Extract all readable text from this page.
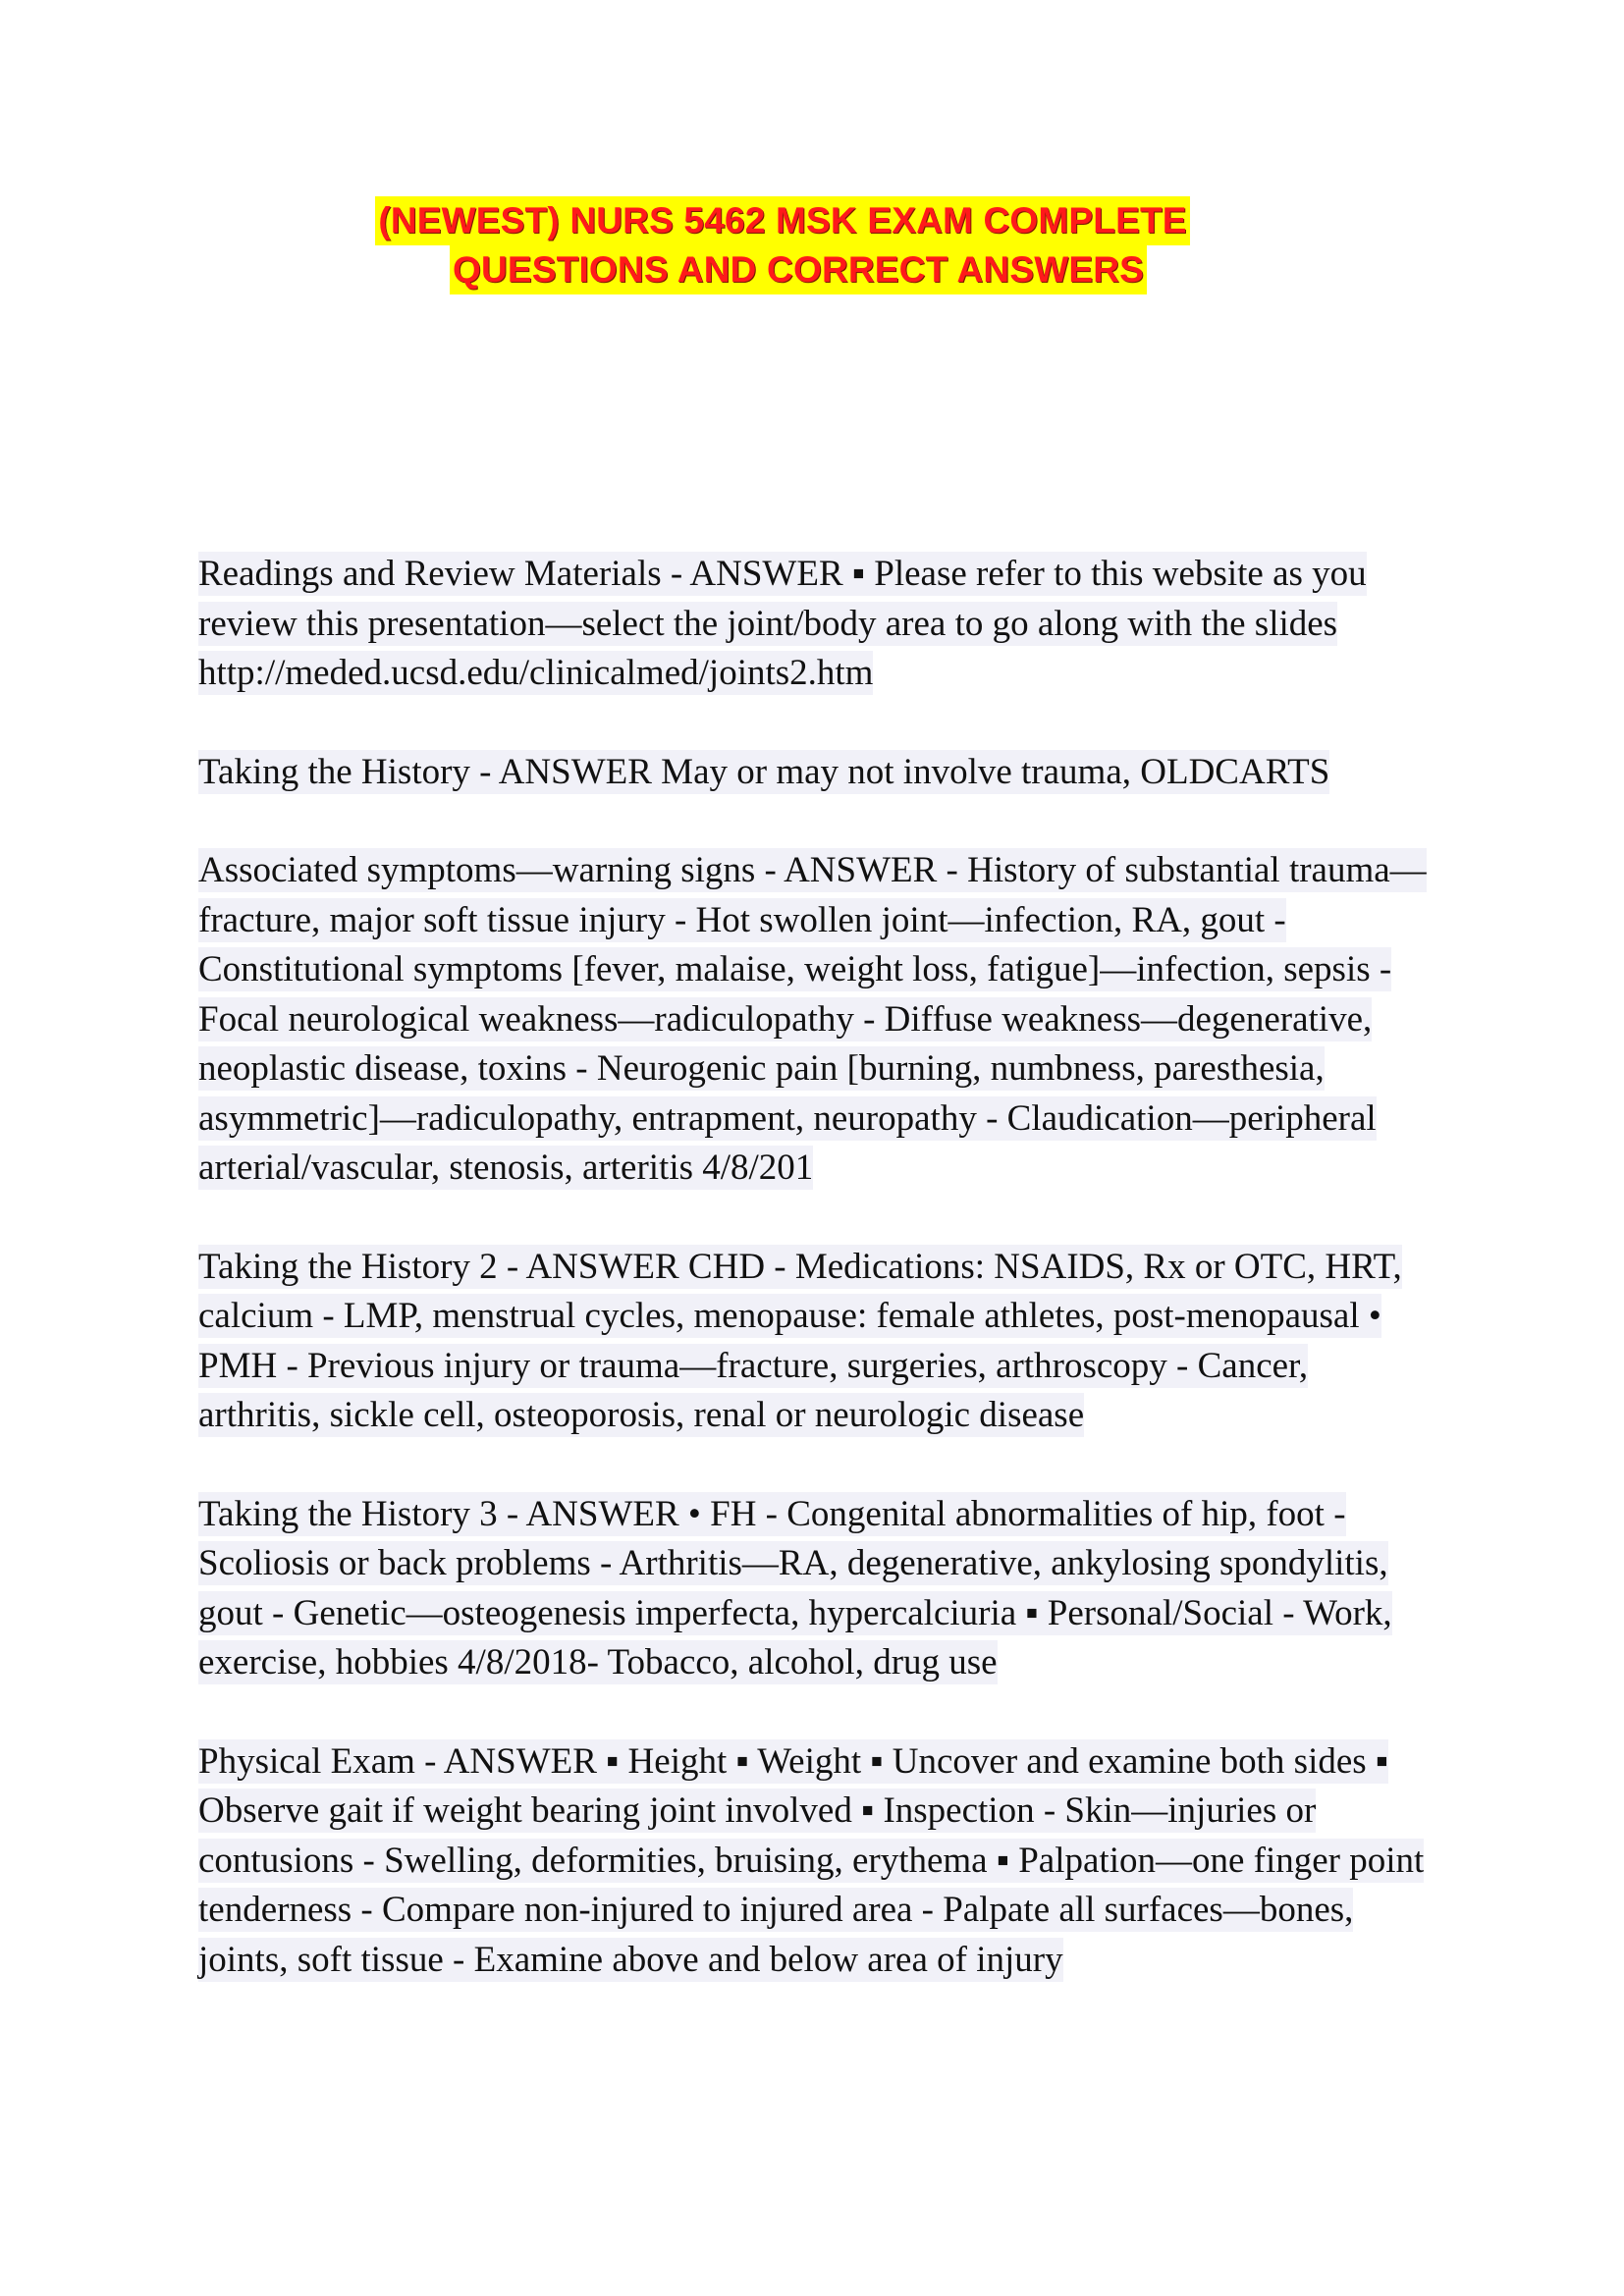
(NEWEST) NURS 5462 MSK EXAM COMPLETE
QUESTIONS AND CORRECT ANSWERS

Readings and Review Materials - ANSWER ▪ Please refer to this website as you review this presentation—select the joint/body area to go along with the slides http://meded.ucsd.edu/clinicalmed/joints2.htm

Taking the History - ANSWER May or may not involve trauma, OLDCARTS

Associated symptoms—warning signs - ANSWER - History of substantial trauma—fracture, major soft tissue injury - Hot swollen joint—infection, RA, gout - Constitutional symptoms [fever, malaise, weight loss, fatigue]—infection, sepsis - Focal neurological weakness—radiculopathy - Diffuse weakness—degenerative, neoplastic disease, toxins - Neurogenic pain [burning, numbness, paresthesia, asymmetric]—radiculopathy, entrapment, neuropathy - Claudication—peripheral arterial/vascular, stenosis, arteritis 4/8/201

Taking the History 2 - ANSWER CHD - Medications: NSAIDS, Rx or OTC, HRT, calcium - LMP, menstrual cycles, menopause: female athletes, post-menopausal • PMH - Previous injury or trauma—fracture, surgeries, arthroscopy - Cancer, arthritis, sickle cell, osteoporosis, renal or neurologic disease

Taking the History 3 - ANSWER • FH - Congenital abnormalities of hip, foot - Scoliosis or back problems - Arthritis—RA, degenerative, ankylosing spondylitis, gout - Genetic—osteogenesis imperfecta, hypercalciuria ▪ Personal/Social - Work, exercise, hobbies 4/8/2018- Tobacco, alcohol, drug use

Physical Exam - ANSWER ▪ Height ▪ Weight ▪ Uncover and examine both sides ▪ Observe gait if weight bearing joint involved ▪ Inspection - Skin—injuries or contusions - Swelling, deformities, bruising, erythema ▪ Palpation—one finger point tenderness - Compare non-injured to injured area - Palpate all surfaces—bones, joints, soft tissue - Examine above and below area of injury
